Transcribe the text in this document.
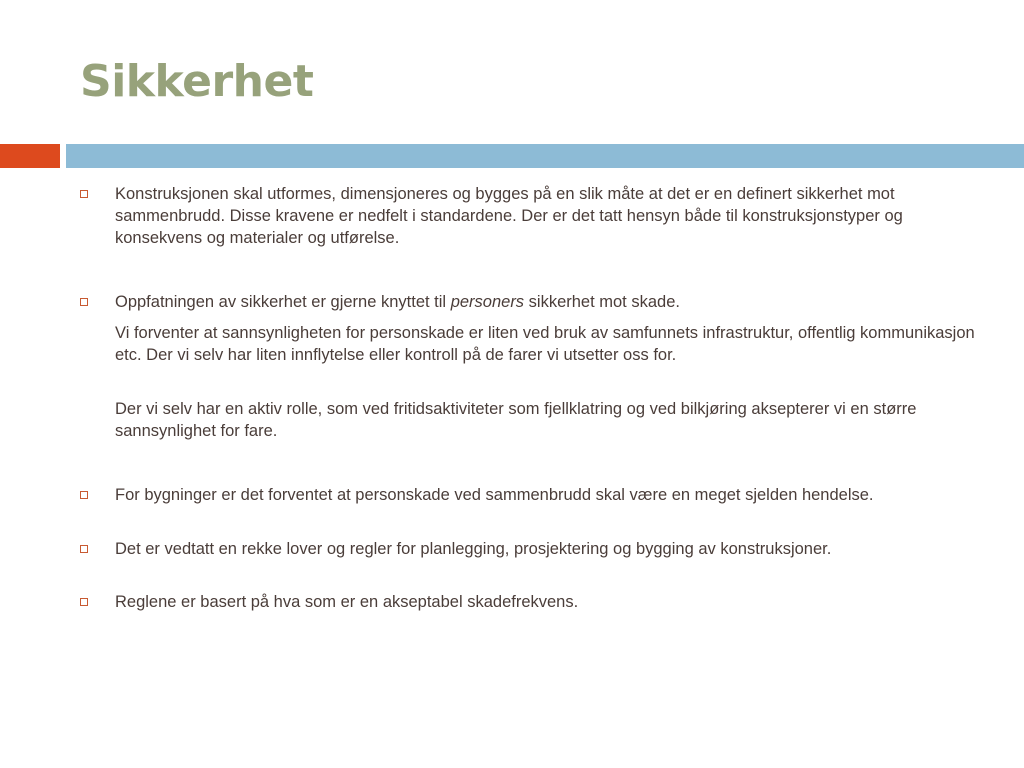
Sikkerhet

Konstruksjonen skal utformes, dimensjoneres og bygges på en slik måte at det er en definert sikkerhet mot sammenbrudd. Disse kravene er nedfelt i standardene. Der er det tatt hensyn både til konstruksjonstyper og konsekvens og materialer og utførelse.

Oppfatningen av sikkerhet er gjerne knyttet til personers sikkerhet mot skade.

Vi forventer at sannsynligheten for personskade er liten ved bruk av samfunnets infrastruktur, offentlig kommunikasjon etc. Der vi selv har liten innflytelse eller kontroll på de farer vi utsetter oss for.

Der vi selv har en aktiv rolle, som ved fritidsaktiviteter som fjellklatring og ved bilkjøring aksepterer vi en større sannsynlighet for fare.

For bygninger er det forventet at personskade ved sammenbrudd skal være en meget sjelden hendelse.

Det er vedtatt en rekke lover og regler for planlegging, prosjektering og bygging av konstruksjoner.

Reglene er basert på hva som er en akseptabel skadefrekvens.
